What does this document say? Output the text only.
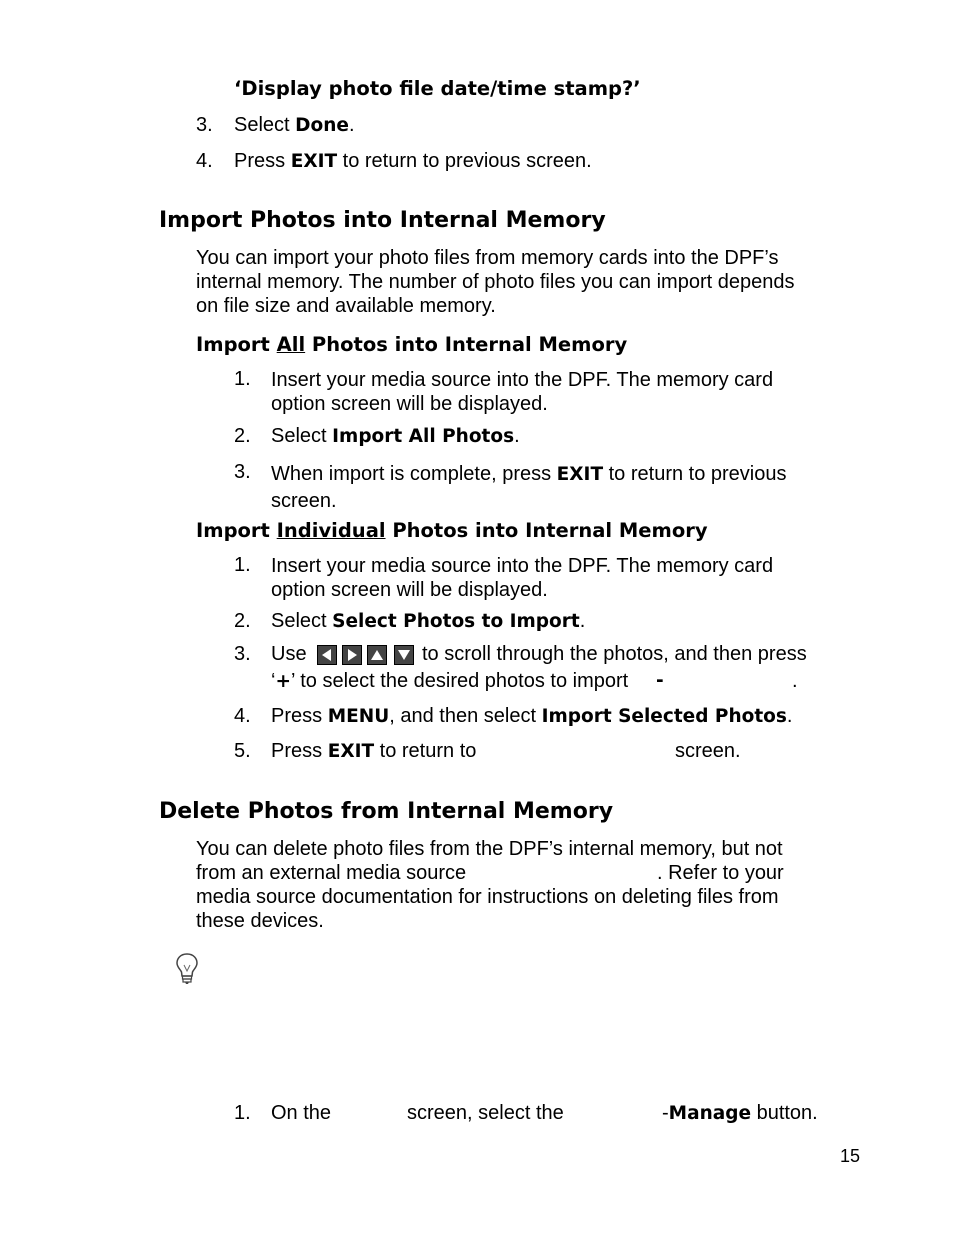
‘Display photo file date/time stamp?’
3. Select Done.
4. Press EXIT to return to previous screen.
Import Photos into Internal Memory
You can import your photo files from memory cards into the DPF’s
internal memory. The number of photo files you can import depends
on file size and available memory.
Import All Photos into Internal Memory
1. Insert your media source into the DPF. The memory card
option screen will be displayed.
2. Select Import All Photos.
3. When import is complete, press EXIT to return to previous
screen.
Import Individual Photos into Internal Memory
1. Insert your media source into the DPF. The memory card
option screen will be displayed.
2. Select Select Photos to Import.
3. Use	to scroll through the photos, and then press
‘+’ to select the desired photos to import -	.
4. Press MENU, and then select Import Selected Photos.
5. Press EXIT to return to	screen.
Delete Photos from Internal Memory
You can delete photo files from the DPF’s internal memory, but not
from an external media source	. Refer to your
media source documentation for instructions on deleting files from
these devices.
1. On the	screen, select the	-Manage button.
15
